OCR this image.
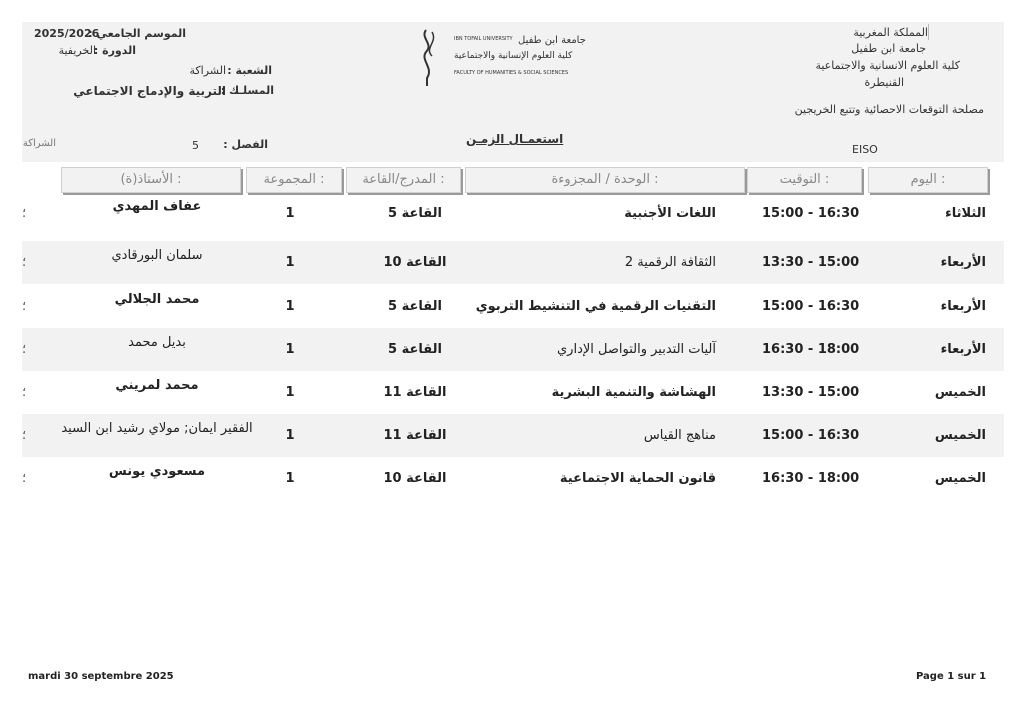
المملكة المغربية
جامعة ابن طفيل
كلية العلوم الانسانية والاجتماعية
القنيطرة
مصلحة التوقعات الاحصائية وتتبع الخريجين
EISO
الموسم الجامعي :
2025/2026
الدورة :
الخريفية
الشعبة :
الشراكة
المسلـك :
التربية والإدماج الاجتماعي
الفصل :
5
الشراكة	استعمـال الزمـن
IBN TOFAIL UNIVERSITY جامعة ابن طفيل
كلية العلوم الإنسانية والاجتماعية
FACULTY OF HUMANITIES & SOCIAL SCIENCES
اليوم :
التوقيت :
الوحدة / المجزوءة :
المدرج/القاعة :
المجموعة :
الأستاذ(ة) :
الثلاثاء
15:00 - 16:30
اللغات الأجنبية
القاعة 5
1
عفاف المهدي
؛
الأربعاء
13:30 - 15:00
الثقافة الرقمية 2
القاعة 10
1
سلمان البورقادي
؛
الأربعاء
15:00 - 16:30
التقنيات الرقمية في التنشيط التربوي
القاعة 5
1
محمد الجلالي
؛
الأربعاء
16:30 - 18:00
آليات التدبير والتواصل الإداري
القاعة 5
1
بديل محمد
؛
الخميس
13:30 - 15:00
الهشاشة والتنمية البشرية
القاعة 11
1
محمد لمريني
؛
الخميس
15:00 - 16:30
مناهج القياس
القاعة 11
1
الفقير ايمان; مولاي رشيد ابن السيد
؛
الخميس
16:30 - 18:00
قانون الحماية الاجتماعية
القاعة 10
1
مسعودي يونس
؛
mardi 30 septembre 2025	Page 1 sur 1
